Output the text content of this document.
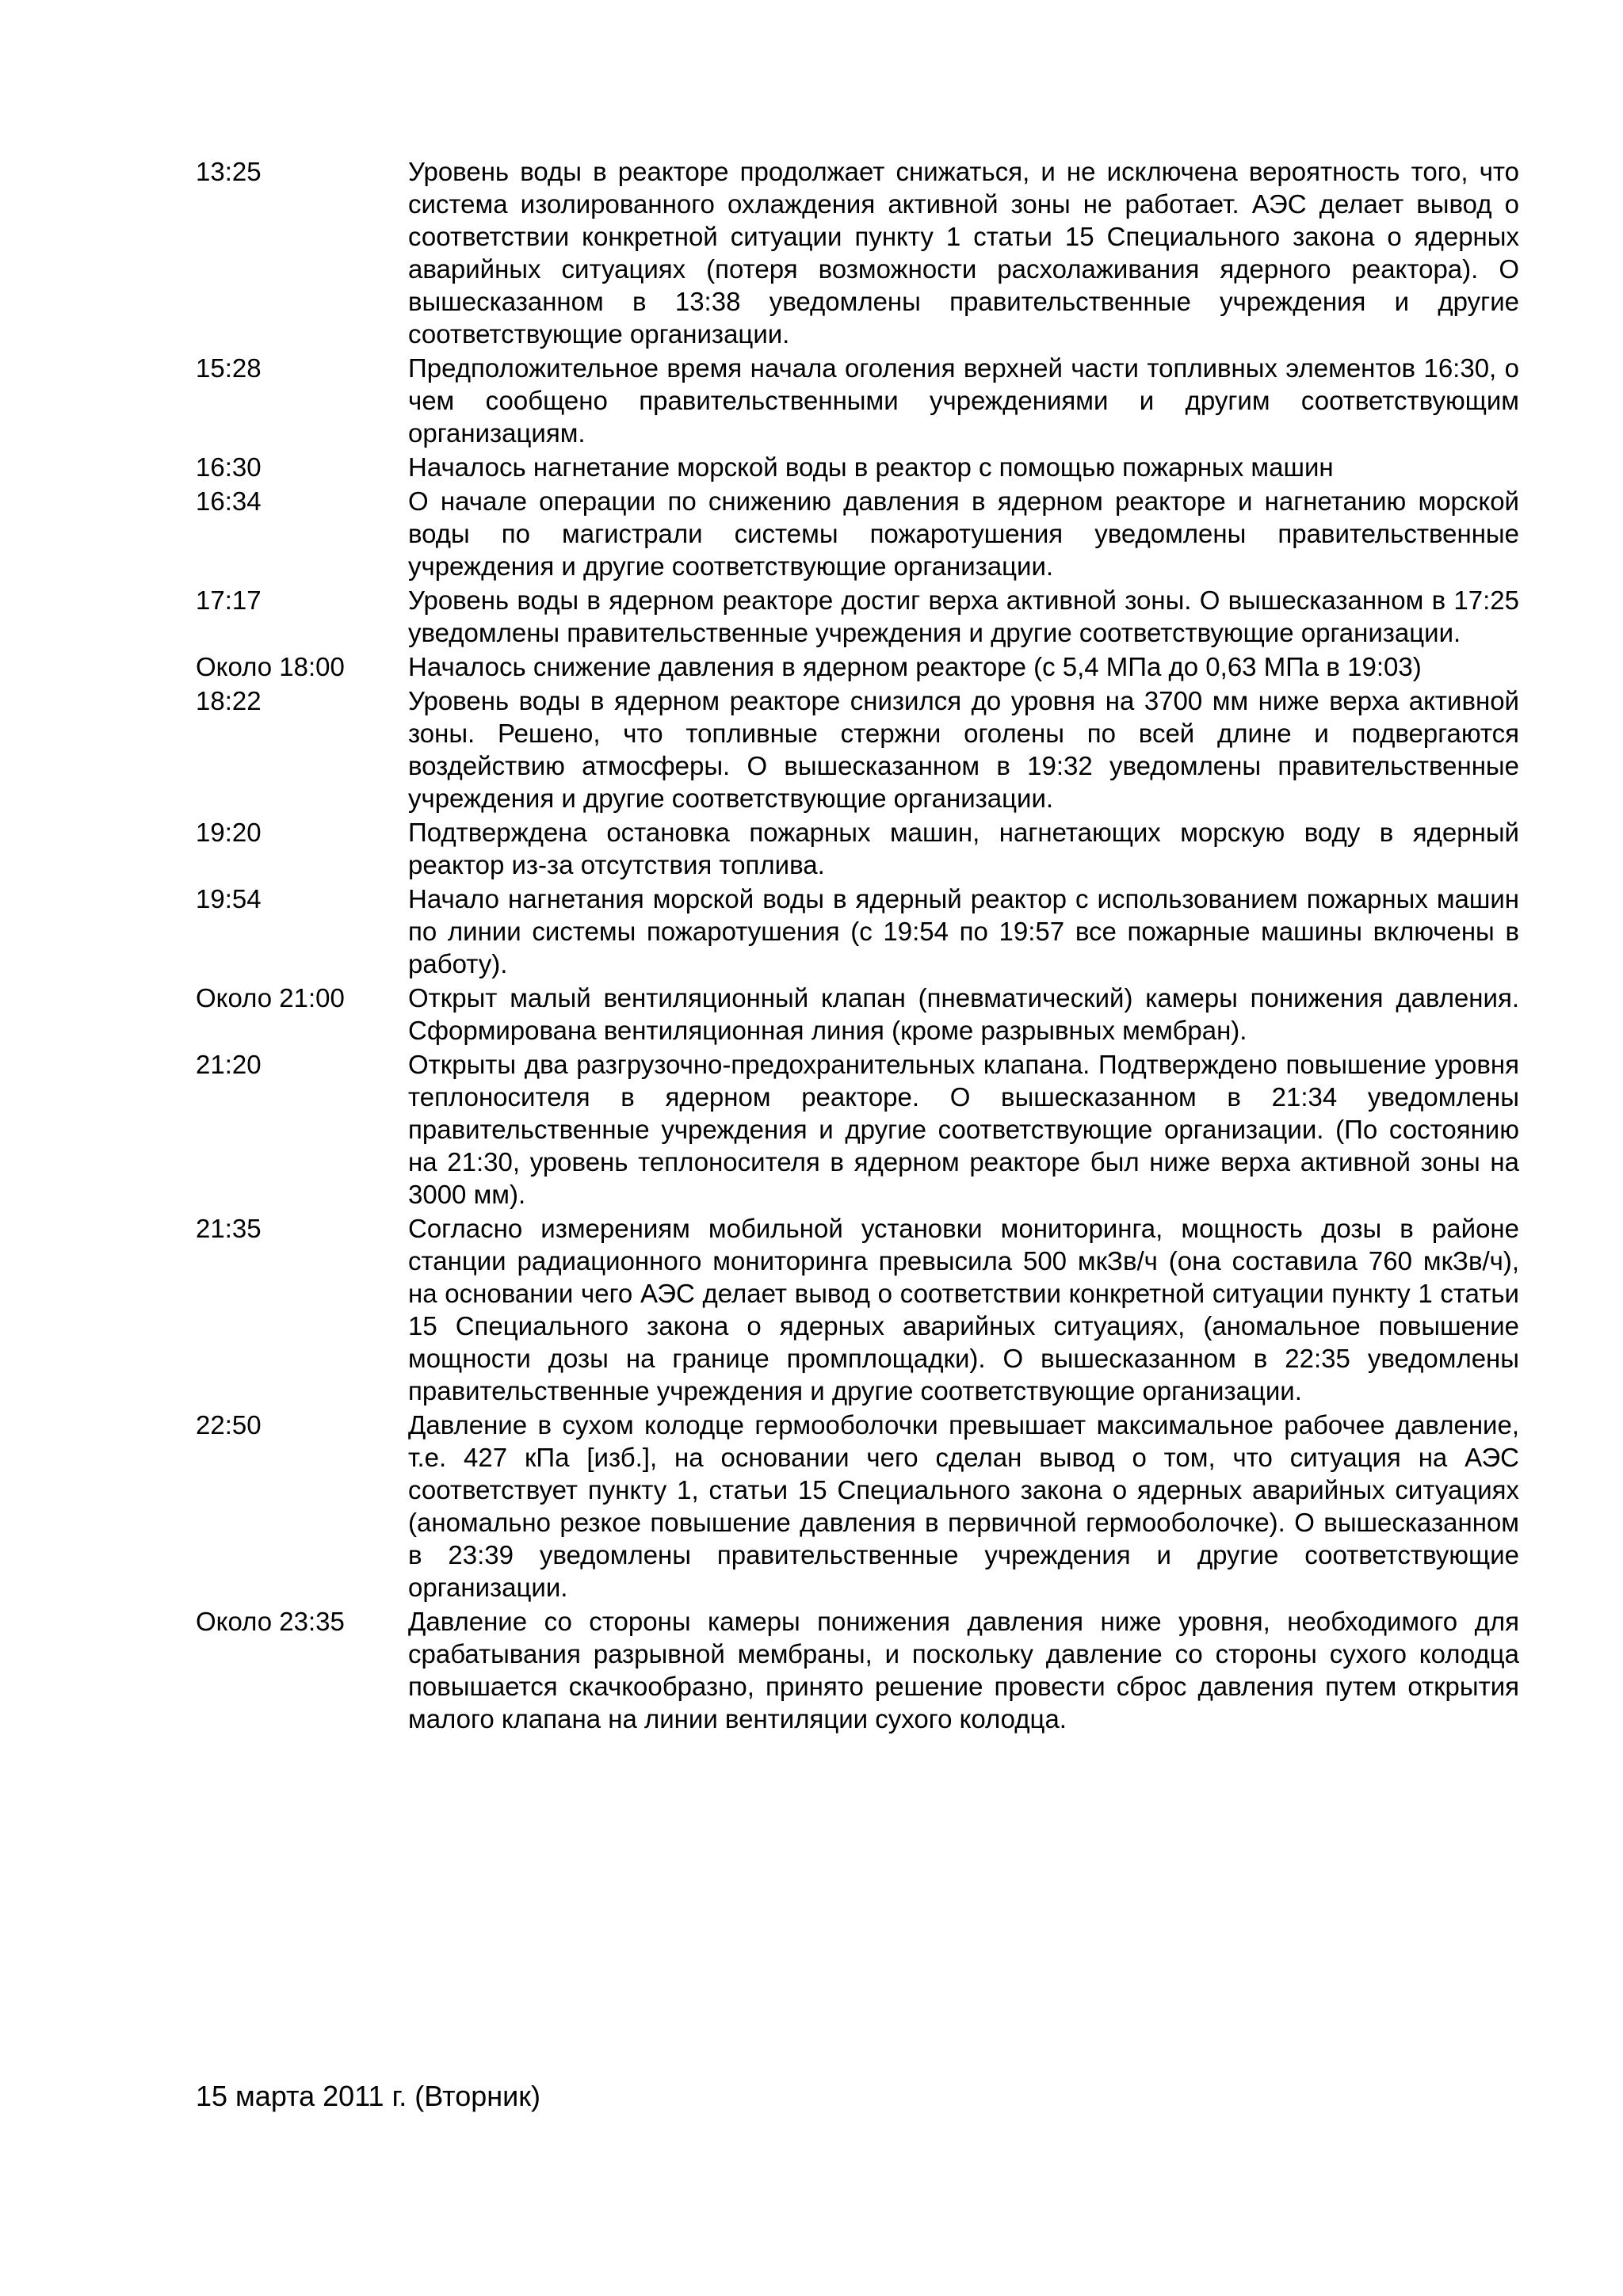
13:25	Уровень воды в реакторе продолжает снижаться, и не исключена вероятность того, что система изолированного охлаждения активной зоны не работает. АЭС делает вывод о соответствии конкретной ситуации пункту 1 статьи 15 Специального закона о ядерных аварийных ситуациях (потеря возможности расхолаживания ядерного реактора). О вышесказанном в 13:38 уведомлены правительственные учреждения и другие соответствующие организации.
15:28	Предположительное время начала оголения верхней части топливных элементов 16:30, о чем сообщено правительственными учреждениями и другим соответствующим организациям.
16:30	Началось нагнетание морской воды в реактор с помощью пожарных машин
16:34	О начале операции по снижению давления в ядерном реакторе и нагнетанию морской воды по магистрали системы пожаротушения уведомлены правительственные учреждения и другие соответствующие организации.
17:17	Уровень воды в ядерном реакторе достиг верха активной зоны. О вышесказанном в 17:25 уведомлены правительственные учреждения и другие соответствующие организации.
Около 18:00	Началось снижение давления в ядерном реакторе (с 5,4 МПа до 0,63 МПа в 19:03)
18:22	Уровень воды в ядерном реакторе снизился до уровня на 3700 мм ниже верха активной зоны. Решено, что топливные стержни оголены по всей длине и подвергаются воздействию атмосферы. О вышесказанном в 19:32 уведомлены правительственные учреждения и другие соответствующие организации.
19:20	Подтверждена остановка пожарных машин, нагнетающих морскую воду в ядерный реактор из-за отсутствия топлива.
19:54	Начало нагнетания морской воды в ядерный реактор с использованием пожарных машин по линии системы пожаротушения (с 19:54 по 19:57 все пожарные машины включены в работу).
Около 21:00	Открыт малый вентиляционный клапан (пневматический) камеры понижения давления. Сформирована вентиляционная линия (кроме разрывных мембран).
21:20	Открыты два разгрузочно-предохранительных клапана. Подтверждено повышение уровня теплоносителя в ядерном реакторе. О вышесказанном в 21:34 уведомлены правительственные учреждения и другие соответствующие организации. (По состоянию на 21:30, уровень теплоносителя в ядерном реакторе был ниже верха активной зоны на 3000 мм).
21:35	Согласно измерениям мобильной установки мониторинга, мощность дозы в районе станции радиационного мониторинга превысила 500 мкЗв/ч (она составила 760 мкЗв/ч), на основании чего АЭС делает вывод о соответствии конкретной ситуации пункту 1 статьи 15 Специального закона о ядерных аварийных ситуациях, (аномальное повышение мощности дозы на границе промплощадки). О вышесказанном в 22:35 уведомлены правительственные учреждения и другие соответствующие организации.
22:50	Давление в сухом колодце гермооболочки превышает максимальное рабочее давление, т.е. 427 кПа [изб.], на основании чего сделан вывод о том, что ситуация на АЭС соответствует пункту 1, статьи 15 Специального закона о ядерных аварийных ситуациях (аномально резкое повышение давления в первичной гермооболочке). О вышесказанном в 23:39 уведомлены правительственные учреждения и другие соответствующие организации.
Около 23:35	Давление со стороны камеры понижения давления ниже уровня, необходимого для срабатывания разрывной мембраны, и поскольку давление со стороны сухого колодца повышается скачкообразно, принято решение провести сброс давления путем открытия малого клапана на линии вентиляции сухого колодца.
15 марта 2011 г. (Вторник)
